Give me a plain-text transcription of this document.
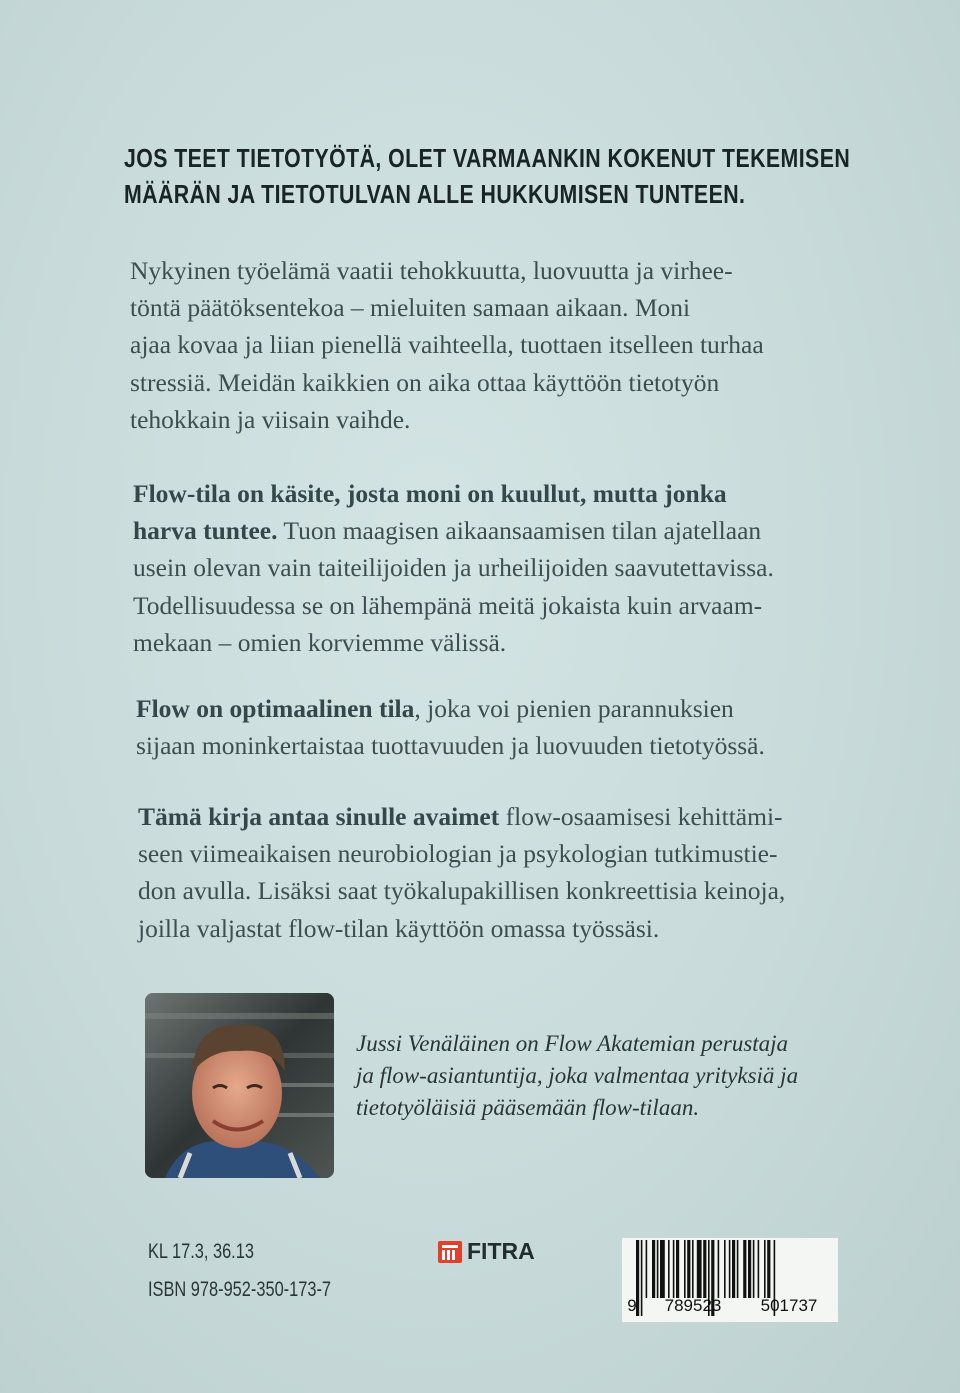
JOS TEET TIETOTYÖTÄ, OLET VARMAANKIN KOKENUT TEKEMISEN
MÄÄRÄN JA TIETOTULVAN ALLE HUKKUMISEN TUNTEEN.
Nykyinen työelämä vaatii tehokkuutta, luovuutta ja virhee-
töntä päätöksentekoa – mieluiten samaan aikaan. Moni
ajaa kovaa ja liian pienellä vaihteella, tuottaen itselleen turhaa
stressiä. Meidän kaikkien on aika ottaa käyttöön tietotyön
tehokkain ja viisain vaihde.
Flow-tila on käsite, josta moni on kuullut, mutta jonka
harva tuntee. Tuon maagisen aikaansaamisen tilan ajatellaan
usein olevan vain taiteilijoiden ja urheilijoiden saavutettavissa.
Todellisuudessa se on lähempänä meitä jokaista kuin arvaam-
mekaan – omien korviemme välissä.
Flow on optimaalinen tila, joka voi pienien parannuksien
sijaan moninkertaistaa tuottavuuden ja luovuuden tietotyössä.
Tämä kirja antaa sinulle avaimet flow-osaamisesi kehittämi-
seen viimeaikaisen neurobiologian ja psykologian tutkimustie-
don avulla. Lisäksi saat työkalupakillisen konkreettisia keinoja,
joilla valjastat flow-tilan käyttöön omassa työssäsi.
Jussi Venäläinen on Flow Akatemian perustaja
ja flow-asiantuntija, joka valmentaa yrityksiä ja
tietotyöläisiä pääsemään flow-tilaan.
KL 17.3, 36.13
ISBN 978-952-350-173-7
FITRA
9	789523	501737
